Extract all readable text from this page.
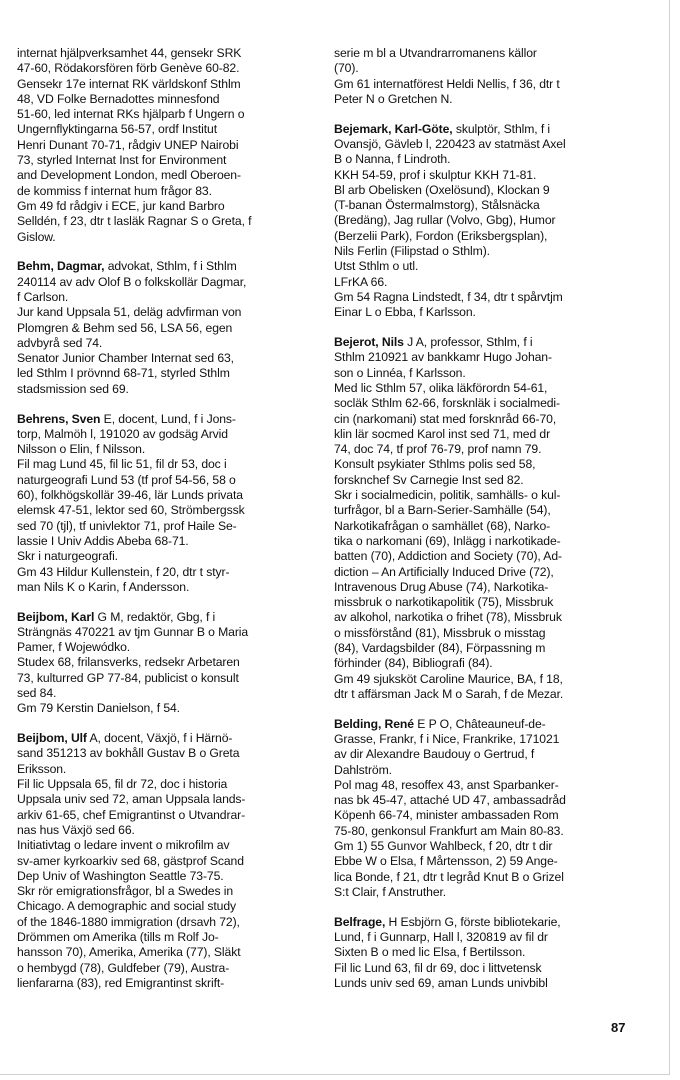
internat hjälpverksamhet 44, gensekr SRK
47-60, Rödakorsfören förb Genève 60-82.
Gensekr 17e internat RK världskonf Sthlm
48, VD Folke Bernadottes minnesfond
51-60, led internat RKs hjälparb f Ungern o
Ungernflyktingarna 56-57, ordf Institut
Henri Dunant 70-71, rådgiv UNEP Nairobi
73, styrled Internat Inst for Environment
and Development London, medl Oberoen-
de kommiss f internat hum frågor 83.
Gm 49 fd rådgiv i ECE, jur kand Barbro
Selldén, f 23, dtr t lasläk Ragnar S o Greta, f
Gislow.
Behm, Dagmar, advokat, Sthlm, f i Sthlm
240114 av adv Olof B o folkskollär Dagmar,
f Carlson.
Jur kand Uppsala 51, deläg advfirman von
Plomgren & Behm sed 56, LSA 56, egen
advbyrå sed 74.
Senator Junior Chamber Internat sed 63,
led Sthlm I prövnnd 68-71, styrled Sthlm
stadsmission sed 69.
Behrens, Sven E, docent, Lund, f i Jons-
torp, Malmöh l, 191020 av godsäg Arvid
Nilsson o Elin, f Nilsson.
Fil mag Lund 45, fil lic 51, fil dr 53, doc i
naturgeografi Lund 53 (tf prof 54-56, 58 o
60), folkhögskollär 39-46, lär Lunds privata
elemsk 47-51, lektor sed 60, Strömbergssk
sed 70 (tjl), tf univlektor 71, prof Haile Se-
lassie I Univ Addis Abeba 68-71.
Skr i naturgeografi.
Gm 43 Hildur Kullenstein, f 20, dtr t styr-
man Nils K o Karin, f Andersson.
Beijbom, Karl G M, redaktör, Gbg, f i
Strängnäs 470221 av tjm Gunnar B o Maria
Pamer, f Wojewódko.
Studex 68, frilansverks, redsekr Arbetaren
73, kulturred GP 77-84, publicist o konsult
sed 84.
Gm 79 Kerstin Danielson, f 54.
Beijbom, Ulf A, docent, Växjö, f i Härnö-
sand 351213 av bokhåll Gustav B o Greta
Eriksson.
Fil lic Uppsala 65, fil dr 72, doc i historia
Uppsala univ sed 72, aman Uppsala lands-
arkiv 61-65, chef Emigrantinst o Utvandrar-
nas hus Växjö sed 66.
Initiativtag o ledare invent o mikrofilm av
sv-amer kyrkoarkiv sed 68, gästprof Scand
Dep Univ of Washington Seattle 73-75.
Skr rör emigrationsfrågor, bl a Swedes in
Chicago. A demographic and social study
of the 1846-1880 immigration (drsavh 72),
Drömmen om Amerika (tills m Rolf Jo-
hansson 70), Amerika, Amerika (77), Släkt
o hembygd (78), Guldfeber (79), Austra-
lienfararna (83), red Emigrantinst skrift-
serie m bl a Utvandrarromanens källor
(70).
Gm 61 internatförest Heldi Nellis, f 36, dtr t
Peter N o Gretchen N.
Bejemark, Karl-Göte, skulptör, Sthlm, f i
Ovansjö, Gävleb l, 220423 av statmäst Axel
B o Nanna, f Lindroth.
KKH 54-59, prof i skulptur KKH 71-81.
Bl arb Obelisken (Oxelösund), Klockan 9
(T-banan Östermalmstorg), Stålsnäcka
(Bredäng), Jag rullar (Volvo, Gbg), Humor
(Berzelii Park), Fordon (Eriksbergsplan),
Nils Ferlin (Filipstad o Sthlm).
Utst Sthlm o utl.
LFrKA 66.
Gm 54 Ragna Lindstedt, f 34, dtr t spårvtjm
Einar L o Ebba, f Karlsson.
Bejerot, Nils J A, professor, Sthlm, f i
Sthlm 210921 av bankkamr Hugo Johan-
son o Linnéa, f Karlsson.
Med lic Sthlm 57, olika läkförordn 54-61,
socläk Sthlm 62-66, forsknläk i socialmedi-
cin (narkomani) stat med forsknråd 66-70,
klin lär socmed Karol inst sed 71, med dr
74, doc 74, tf prof 76-79, prof namn 79.
Konsult psykiater Sthlms polis sed 58,
forsknchef Sv Carnegie Inst sed 82.
Skr i socialmedicin, politik, samhälls- o kul-
turfrågor, bl a Barn-Serier-Samhälle (54),
Narkotikafrågan o samhället (68), Narko-
tika o narkomani (69), Inlägg i narkotikade-
batten (70), Addiction and Society (70), Ad-
diction – An Artificially Induced Drive (72),
Intravenous Drug Abuse (74), Narkotika-
missbruk o narkotikapolitik (75), Missbruk
av alkohol, narkotika o frihet (78), Missbruk
o missförstånd (81), Missbruk o misstag
(84), Vardagsbilder (84), Förpassning m
förhinder (84), Bibliografi (84).
Gm 49 sjuksköt Caroline Maurice, BA, f 18,
dtr t affärsman Jack M o Sarah, f de Mezar.
Belding, René E P O, Châteauneuf-de-
Grasse, Frankr, f i Nice, Frankrike, 171021
av dir Alexandre Baudouy o Gertrud, f
Dahlström.
Pol mag 48, resoffex 43, anst Sparbanker-
nas bk 45-47, attaché UD 47, ambassadråd
Köpenh 66-74, minister ambassaden Rom
75-80, genkonsul Frankfurt am Main 80-83.
Gm 1) 55 Gunvor Wahlbeck, f 20, dtr t dir
Ebbe W o Elsa, f Mårtensson, 2) 59 Ange-
lica Bonde, f 21, dtr t legråd Knut B o Grizel
S:t Clair, f Anstruther.
Belfrage, H Esbjörn G, förste bibliotekarie,
Lund, f i Gunnarp, Hall l, 320819 av fil dr
Sixten B o med lic Elsa, f Bertilsson.
Fil lic Lund 63, fil dr 69, doc i littvetensk
Lunds univ sed 69, aman Lunds univbibl
87
